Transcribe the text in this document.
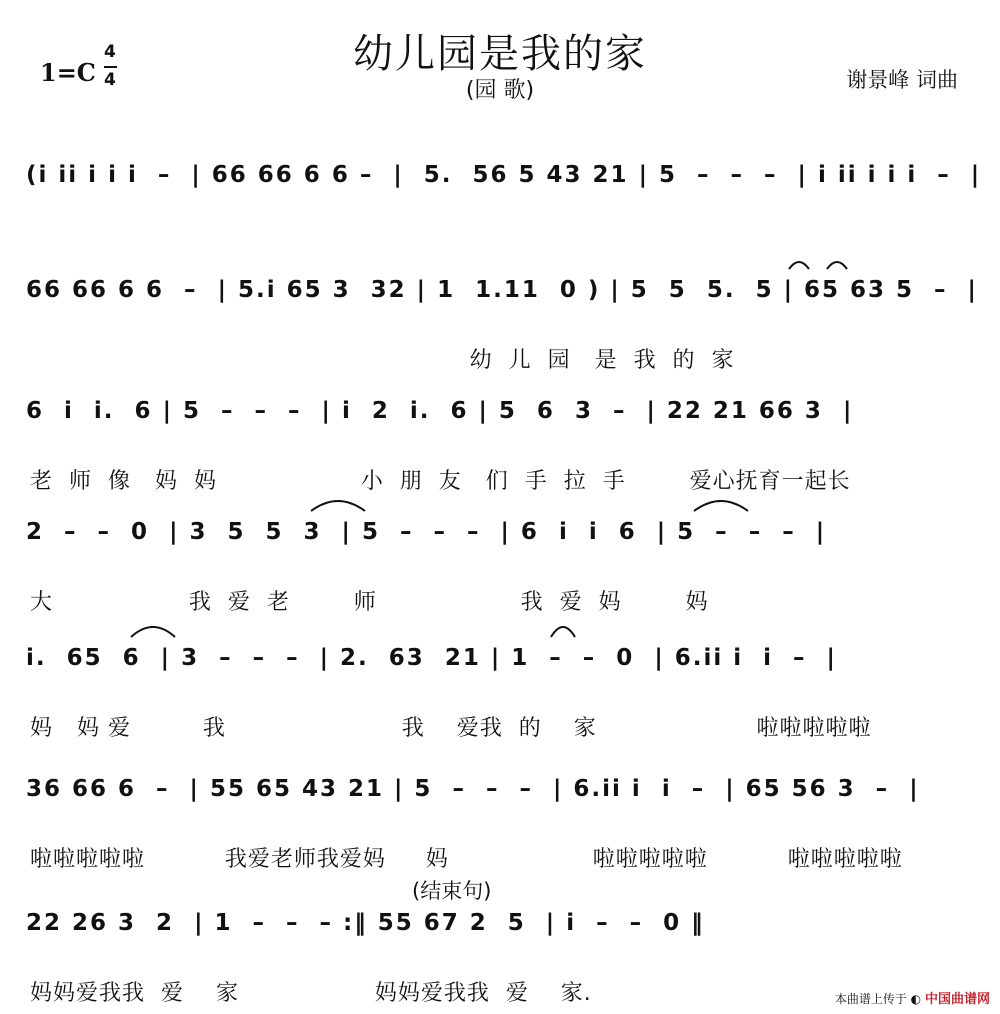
幼儿园是我的家
(园 歌)
1=C
4
4	谢景峰 词曲
(i ii i i i  –  | 66 66 6 6 –  |  5.  56 5 43 21 | 5  –  –  –  | i ii i i i  –  |
66 66 6 6  –  | 5.i 65 3  32 | 1  1.11  0 ) | 5  5  5.  5 | 65 63 5  –  |
幼  儿  园   是  我  的  家
6  i  i.  6 | 5  –  –  –  | i  2  i.  6 | 5  6  3  –  | 22 21 66 3  |
老  师  像   妈  妈                  小  朋  友   们  手  拉  手        爱心抚育一起长
2  –  –  0  | 3  5  5  3  | 5  –  –  –  | 6  i  i  6  | 5  –  –  –  |
大                 我  爱  老        师                  我  爱  妈        妈
i.  65  6  | 3  –  –  –  | 2.  63  21 | 1  –  –  0  | 6.ii i  i  –  |
妈   妈 爱         我                      我    爱我  的    家                    啦啦啦啦啦
36 66 6  –  | 55 65 43 21 | 5  –  –  –  | 6.ii i  i  –  | 65 56 3  –  |
啦啦啦啦啦          我爱老师我爱妈     妈                  啦啦啦啦啦          啦啦啦啦啦
(结束句)
22 26 3  2  | 1  –  –  – :‖ 55 67 2  5  | i  –  –  0 ‖
妈妈爱我我  爱    家                 妈妈爱我我  爱    家.	本曲谱上传于 ◐ 中国曲谱网
